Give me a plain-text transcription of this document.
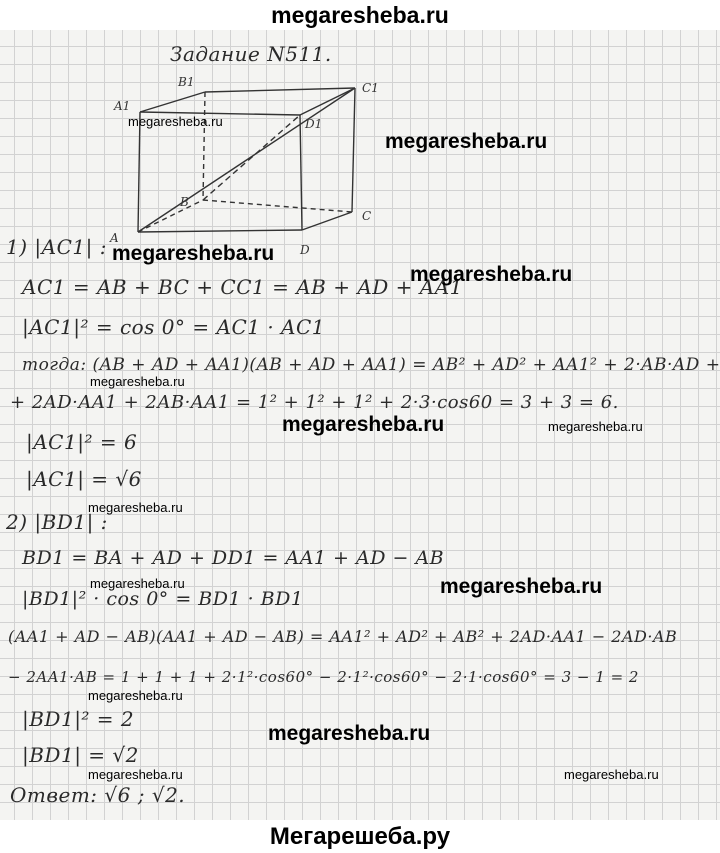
megaresheba.ru
B1
A1
C1
D1
B
A
C
D
Задание N511.
1) |AC1| :
AC1 = AB + BC + CC1 = AB + AD + AA1
|AC1|² = cos 0° = AC1 · AC1
тогда: (AB + AD + AA1)(AB + AD + AA1) = AB² + AD² + AA1² + 2·AB·AD +
+ 2AD·AA1 + 2AB·AA1 = 1² + 1² + 1² + 2·3·cos60 = 3 + 3 = 6.
|AC1|² = 6
|AC1| = √6
2) |BD1| :
BD1 = BA + AD + DD1 = AA1 + AD − AB
|BD1|² · cos 0° = BD1 · BD1
(AA1 + AD − AB)(AA1 + AD − AB) = AA1² + AD² + AB² + 2AD·AA1 − 2AD·AB
− 2AA1·AB = 1 + 1 + 1 + 2·1²·cos60° − 2·1²·cos60° − 2·1·cos60° = 3 − 1 = 2
|BD1|² = 2
|BD1| = √2
Ответ: √6 ; √2.
megaresheba.ru
megaresheba.ru
megaresheba.ru
megaresheba.ru
megaresheba.ru
megaresheba.ru	megaresheba.ru
megaresheba.ru
megaresheba.ru	megaresheba.ru
megaresheba.ru
megaresheba.ru
megaresheba.ru	megaresheba.ru
Мегарешеба.ру
